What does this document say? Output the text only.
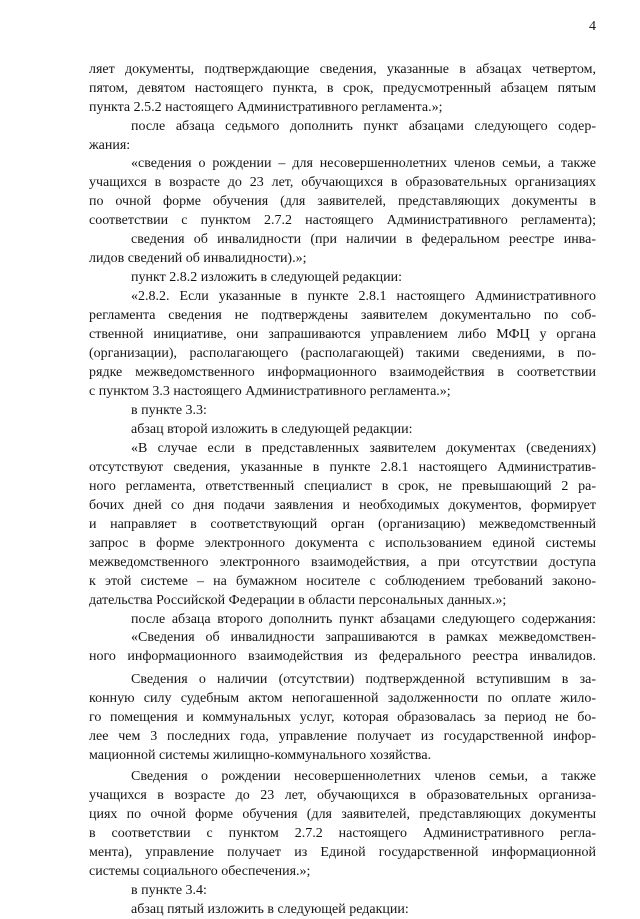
4
ляет документы, подтверждающие сведения, указанные в абзацах четвертом,
пятом, девятом настоящего пункта, в срок, предусмотренный абзацем пятым
пункта 2.5.2 настоящего Административного регламента.»;
после абзаца седьмого дополнить пункт абзацами следующего содер-
жания:
«сведения о рождении – для несовершеннолетних членов семьи, а также
учащихся в возрасте до 23 лет, обучающихся в образовательных организациях
по очной форме обучения (для заявителей, представляющих документы в
соответствии с пунктом 2.7.2 настоящего Административного регламента);
сведения об инвалидности (при наличии в федеральном реестре инва-
лидов сведений об инвалидности).»;
пункт 2.8.2 изложить в следующей редакции:
«2.8.2. Если указанные в пункте 2.8.1 настоящего Административного
регламента сведения не подтверждены заявителем документально по соб-
ственной инициативе, они запрашиваются управлением либо МФЦ у органа
(организации), располагающего (располагающей) такими сведениями, в по-
рядке межведомственного информационного взаимодействия в соответствии
с пунктом 3.3 настоящего Административного регламента.»;
в пункте 3.3:
абзац второй изложить в следующей редакции:
«В случае если в представленных заявителем документах (сведениях)
отсутствуют сведения, указанные в пункте 2.8.1 настоящего Административ-
ного регламента, ответственный специалист в срок, не превышающий 2 ра-
бочих дней со дня подачи заявления и необходимых документов, формирует
и направляет в соответствующий орган (организацию) межведомственный
запрос в форме электронного документа с использованием единой системы
межведомственного электронного взаимодействия, а при отсутствии доступа
к этой системе – на бумажном носителе с соблюдением требований законо-
дательства Российской Федерации в области персональных данных.»;
после абзаца второго дополнить пункт абзацами следующего содержания:
«Сведения об инвалидности запрашиваются в рамках межведомствен-
ного информационного взаимодействия из федерального реестра инвалидов.
Сведения о наличии (отсутствии) подтвержденной вступившим в за-
конную силу судебным актом непогашенной задолженности по оплате жило-
го помещения и коммунальных услуг, которая образовалась за период не бо-
лее чем 3 последних года, управление получает из государственной инфор-
мационной системы жилищно-коммунального хозяйства.
Сведения о рождении несовершеннолетних членов семьи, а также
учащихся в возрасте до 23 лет, обучающихся в образовательных организа-
циях по очной форме обучения (для заявителей, представляющих документы
в соответствии с пунктом 2.7.2 настоящего Административного регла-
мента), управление получает из Единой государственной информационной
системы социального обеспечения.»;
в пункте 3.4:
абзац пятый изложить в следующей редакции:
